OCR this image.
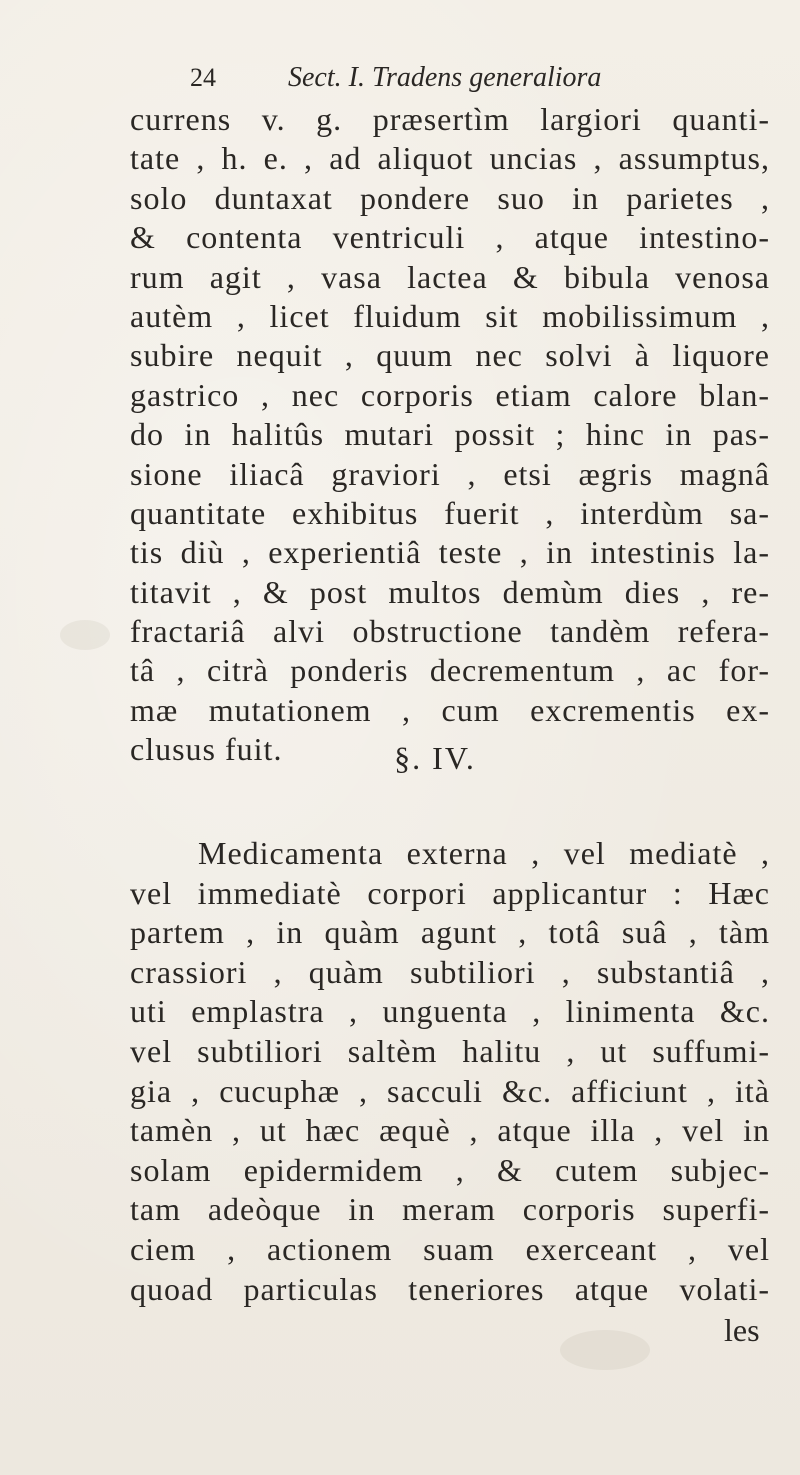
24	Sect. I. Tradens generaliora
currens v. g. præsertìm largiori quanti-
tate , h. e. , ad aliquot uncias , assumptus,
solo duntaxat pondere suo in parietes ,
& contenta ventriculi , atque intestino-
rum agit , vasa lactea & bibula venosa
autèm , licet fluidum sit mobilissimum ,
subire nequit , quum nec solvi à liquore
gastrico , nec corporis etiam calore blan-
do in halitûs mutari possit ; hinc in pas-
sione iliacâ graviori , etsi ægris magnâ
quantitate exhibitus fuerit , interdùm sa-
tis diù , experientiâ teste , in intestinis la-
titavit , & post multos demùm dies , re-
fractariâ alvi obstructione tandèm refera-
tâ , citrà ponderis decrementum , ac for-
mæ mutationem , cum excrementis ex-
clusus fuit.	§. IV.
Medicamenta externa , vel mediatè ,
vel immediatè corpori applicantur : Hæc
partem , in quàm agunt , totâ suâ , tàm
crassiori , quàm subtiliori , substantiâ ,
uti emplastra , unguenta , linimenta &c.
vel subtiliori saltèm halitu , ut suffumi-
gia , cucuphæ , sacculi &c. afficiunt , ità
tamèn , ut hæc æquè , atque illa , vel in
solam epidermidem , & cutem subjec-
tam adeòque in meram corporis superfi-
ciem , actionem suam exerceant , vel
quoad particulas teneriores atque volati-
les
